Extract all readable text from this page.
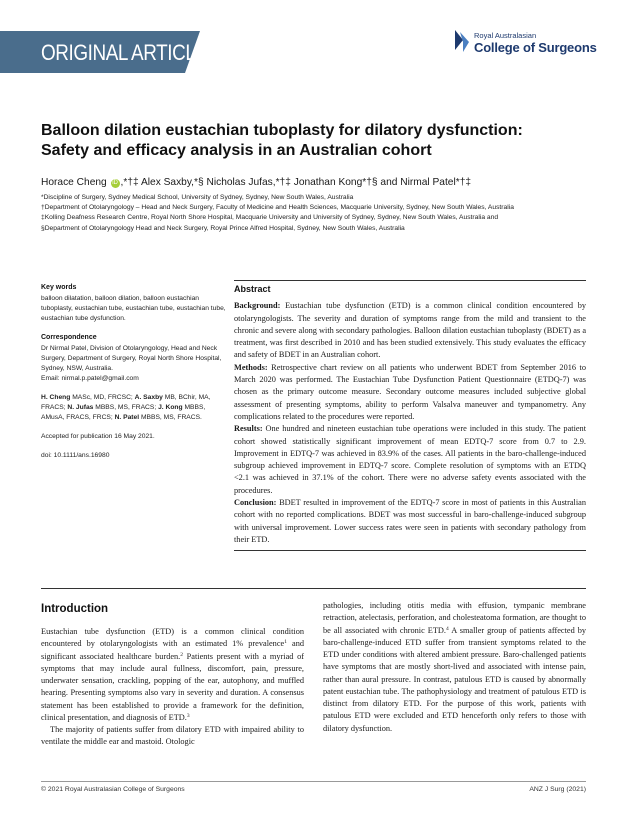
ORIGINAL ARTICLE
Royal Australasian
College of Surgeons
Balloon dilation eustachian tuboplasty for dilatory dysfunction: Safety and efficacy analysis in an Australian cohort
Horace Cheng iD ,*†‡ Alex Saxby,*§ Nicholas Jufas,*†‡ Jonathan Kong*†§ and Nirmal Patel*†‡

*Discipline of Surgery, Sydney Medical School, University of Sydney, Sydney, New South Wales, Australia

†Department of Otolaryngology – Head and Neck Surgery, Faculty of Medicine and Health Sciences, Macquarie University, Sydney, New South Wales, Australia

‡Kolling Deafness Research Centre, Royal North Shore Hospital, Macquarie University and University of Sydney, Sydney, New South Wales, Australia and

§Department of Otolaryngology Head and Neck Surgery, Royal Prince Alfred Hospital, Sydney, New South Wales, Australia

Key words
balloon dilatation, balloon dilation, balloon eustachian tuboplasty, eustachian tube, eustachian tube, eustachian tube, eustachian tube dysfunction.
Correspondence
Dr Nirmal Patel, Division of Otolaryngology, Head and Neck Surgery, Department of Surgery, Royal North Shore Hospital, Sydney, NSW, Australia.
Email: nirmal.p.patel@gmail.com
H. Cheng MASc, MD, FRCSC; A. Saxby MB, BChir, MA, FRACS; N. Jufas MBBS, MS, FRACS; J. Kong MBBS, AMusA, FRACS, FRCS; N. Patel MBBS, MS, FRACS.
Accepted for publication 16 May 2021.
doi: 10.1111/ans.16980
Abstract

Background: Eustachian tube dysfunction (ETD) is a common clinical condition encountered by otolaryngologists. The severity and duration of symptoms range from the mild and transient to the chronic and severe along with secondary pathologies. Balloon dilation eustachian tuboplasty (BDET) as a treatment, was first described in 2010 and has been studied extensively. This study evaluates the efficacy and safety of BDET in an Australian cohort.

Methods: Retrospective chart review on all patients who underwent BDET from September 2016 to March 2020 was performed. The Eustachian Tube Dysfunction Patient Questionnaire (ETDQ-7) was chosen as the primary outcome measure. Secondary outcome measures included subjective global assessment of presenting symptoms, ability to perform Valsalva maneuver and tympanometry. Any complications related to the procedures were reported.

Results: One hundred and nineteen eustachian tube operations were included in this study. The patient cohort showed statistically significant improvement of mean EDTQ-7 score from 0.7 to 2.9. Improvement in EDTQ-7 was achieved in 83.9% of the cases. All patients in the baro-challenge-induced subgroup achieved improvement in EDTQ-7 score. Complete resolution of symptoms with an ETDQ <2.1 was achieved in 37.1% of the cohort. There were no adverse safety events associated with the procedures.

Conclusion: BDET resulted in improvement of the EDTQ-7 score in most of patients in this Australian cohort with no reported complications. BDET was most successful in baro-challenge-induced subgroup with universal improvement. Lower success rates were seen in patients with secondary pathology from their ETD.

Introduction

Eustachian tube dysfunction (ETD) is a common clinical condition encountered by otolaryngologists with an estimated 1% prevalence$^1$ and significant associated healthcare burden.$^2$ Patients present with a myriad of symptoms that may include aural fullness, discomfort, pain, pressure, underwater sensation, crackling, popping of the ear, autophony, and muffled hearing. Presenting symptoms also vary in severity and duration. A consensus statement has been established to provide a framework for the definition, clinical presentation, and diagnosis of ETD.$^3$

The majority of patients suffer from dilatory ETD with impaired ability to ventilate the middle ear and mastoid. Otologic

pathologies, including otitis media with effusion, tympanic membrane retraction, atelectasis, perforation, and cholesteatoma formation, are thought to be all associated with chronic ETD.$^4$ A smaller group of patients affected by baro-challenge-induced ETD suffer from transient symptoms related to the ETD under conditions with altered ambient pressure. Baro-challenged patients have symptoms that are mostly short-lived and associated with intense pain, rather than aural pressure. In contrast, patulous ETD is caused by abnormally patent eustachian tube. The pathophysiology and treatment of patulous ETD is distinct from dilatory ETD. For the purpose of this work, patients with patulous ETD were excluded and ETD henceforth only refers to those with dilatory dysfunction.

© 2021 Royal Australasian College of Surgeons	ANZ J Surg (2021)
